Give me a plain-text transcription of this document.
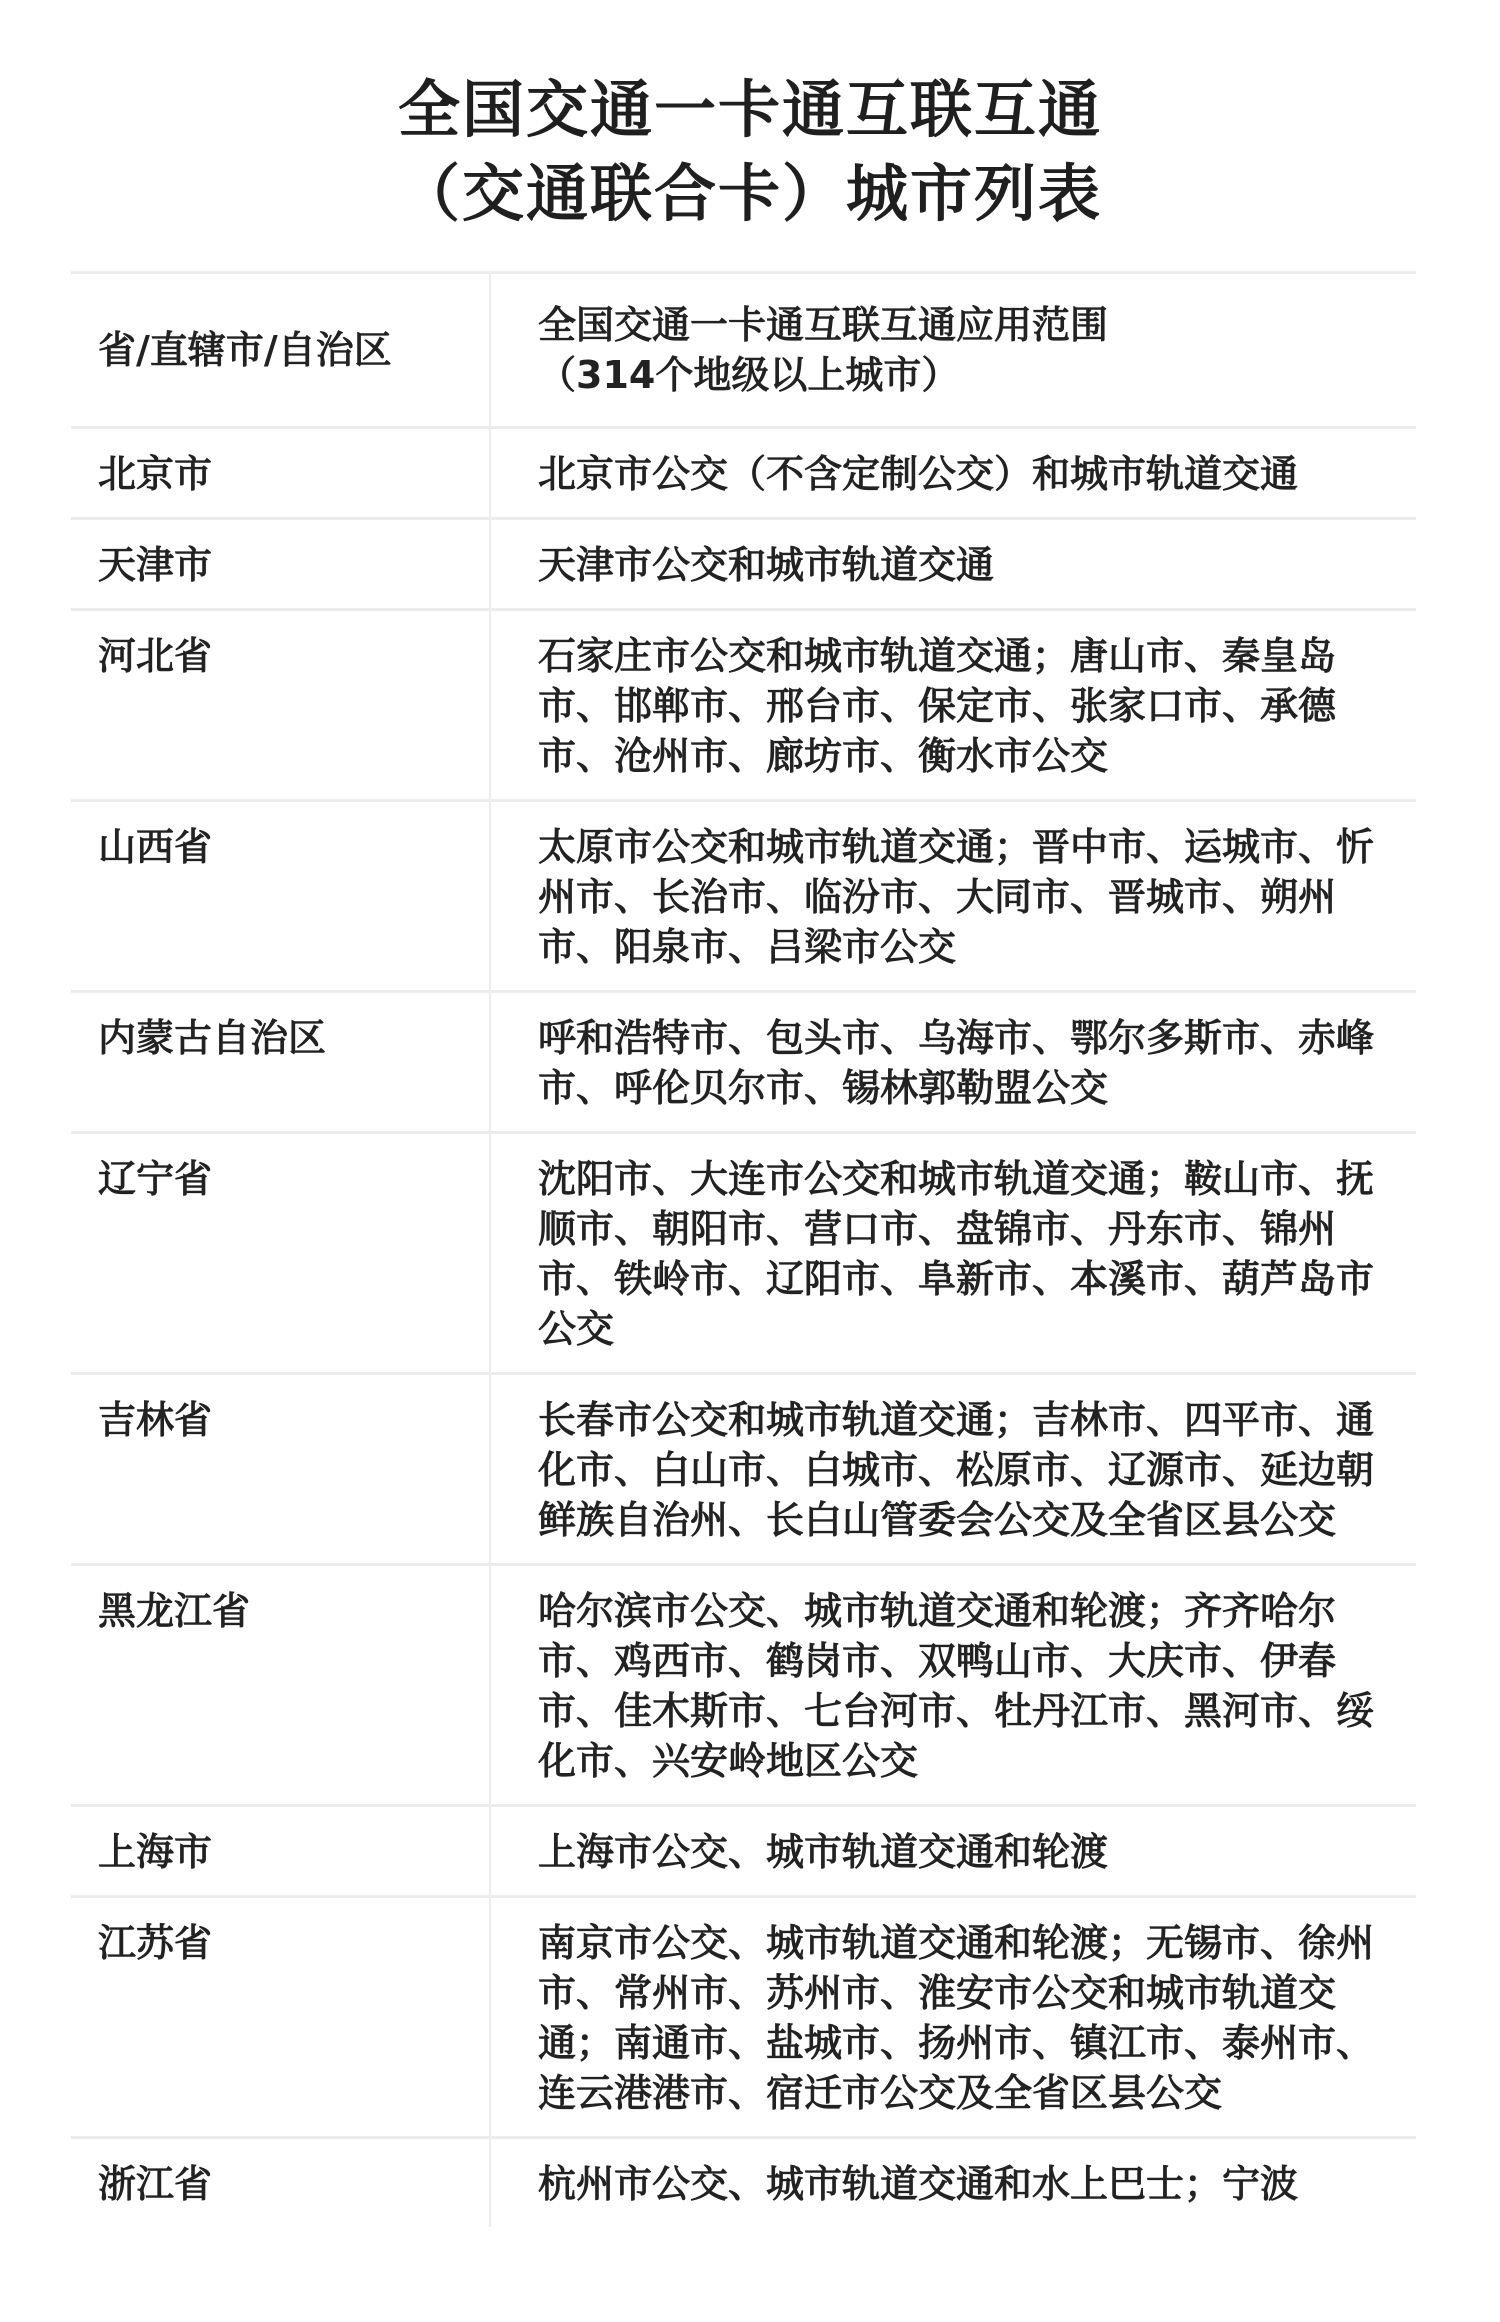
全国交通一卡通互联互通
（交通联合卡）城市列表
省/直辖市/自治区	全国交通一卡通互联互通应用范围
（314个地级以上城市）

北京市	北京市公交（不含定制公交）和城市轨道交通
天津市	天津市公交和城市轨道交通
河北省	石家庄市公交和城市轨道交通；唐山市、秦皇岛市、邯郸市、邢台市、保定市、张家口市、承德市、沧州市、廊坊市、衡水市公交
山西省	太原市公交和城市轨道交通；晋中市、运城市、忻州市、长治市、临汾市、大同市、晋城市、朔州市、阳泉市、吕梁市公交
内蒙古自治区	呼和浩特市、包头市、乌海市、鄂尔多斯市、赤峰市、呼伦贝尔市、锡林郭勒盟公交
辽宁省	沈阳市、大连市公交和城市轨道交通；鞍山市、抚顺市、朝阳市、营口市、盘锦市、丹东市、锦州市、铁岭市、辽阳市、阜新市、本溪市、葫芦岛市公交
吉林省	长春市公交和城市轨道交通；吉林市、四平市、通化市、白山市、白城市、松原市、辽源市、延边朝鲜族自治州、长白山管委会公交及全省区县公交
黑龙江省	哈尔滨市公交、城市轨道交通和轮渡；齐齐哈尔市、鸡西市、鹤岗市、双鸭山市、大庆市、伊春市、佳木斯市、七台河市、牡丹江市、黑河市、绥化市、兴安岭地区公交
上海市	上海市公交、城市轨道交通和轮渡
江苏省	南京市公交、城市轨道交通和轮渡；无锡市、徐州市、常州市、苏州市、淮安市公交和城市轨道交通；南通市、盐城市、扬州市、镇江市、泰州市、连云港港市、宿迁市公交及全省区县公交
浙江省	杭州市公交、城市轨道交通和水上巴士；宁波
